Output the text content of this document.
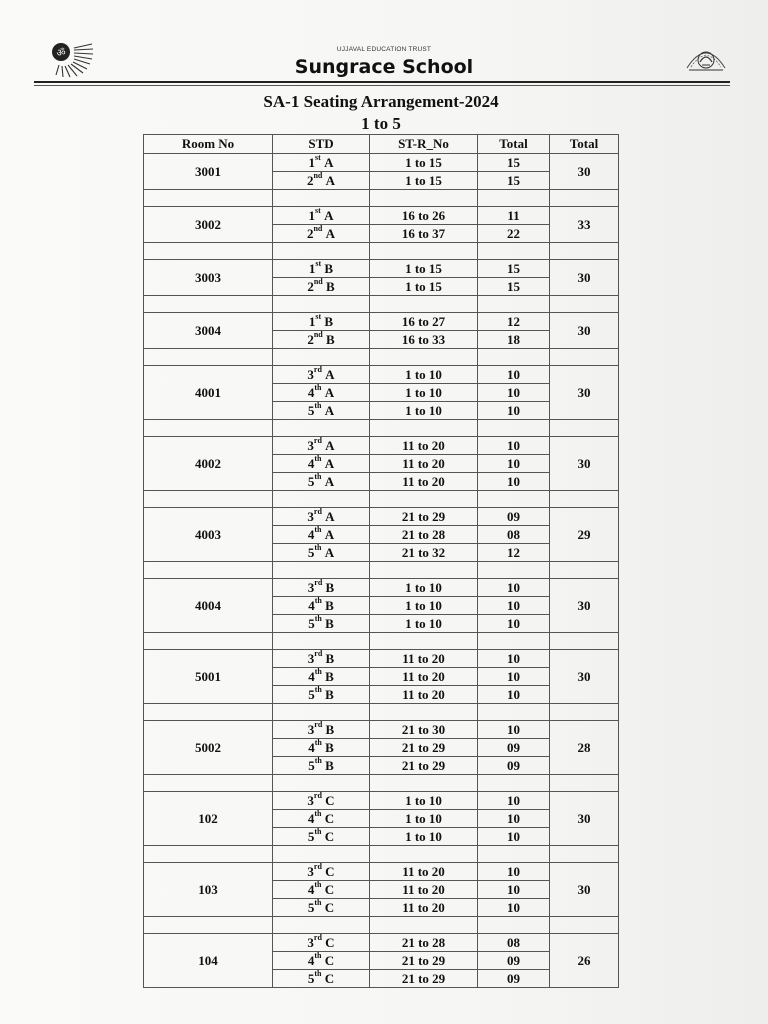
ॐ	UJJAVAL EDUCATION TRUST
Sungrace School
SA-1 Seating Arrangement-2024
1 to 5
Room No	STD	ST-R_No	Total	Total
3001	1st A	1 to 15	15	30
	2nd A	1 to 15	15	

3002	1st A	16 to 26	11	33
	2nd A	16 to 37	22	

3003	1st B	1 to 15	15	30
	2nd B	1 to 15	15	

3004	1st B	16 to 27	12	30
	2nd B	16 to 33	18	

4001	3rd A	1 to 10	10	30
	4th A	1 to 10	10	
	5th A	1 to 10	10	

4002	3rd A	11 to 20	10	30
	4th A	11 to 20	10	
	5th A	11 to 20	10	

4003	3rd A	21 to 29	09	29
	4th A	21 to 28	08	
	5th A	21 to 32	12	

4004	3rd B	1 to 10	10	30
	4th B	1 to 10	10	
	5th B	1 to 10	10	

5001	3rd B	11 to 20	10	30
	4th B	11 to 20	10	
	5th B	11 to 20	10	

5002	3rd B	21 to 30	10	28
	4th B	21 to 29	09	
	5th B	21 to 29	09	

102	3rd C	1 to 10	10	30
	4th C	1 to 10	10	
	5th C	1 to 10	10	

103	3rd C	11 to 20	10	30
	4th C	11 to 20	10	
	5th C	11 to 20	10	

104	3rd C	21 to 28	08	26
	4th C	21 to 29	09	
	5th C	21 to 29	09	
